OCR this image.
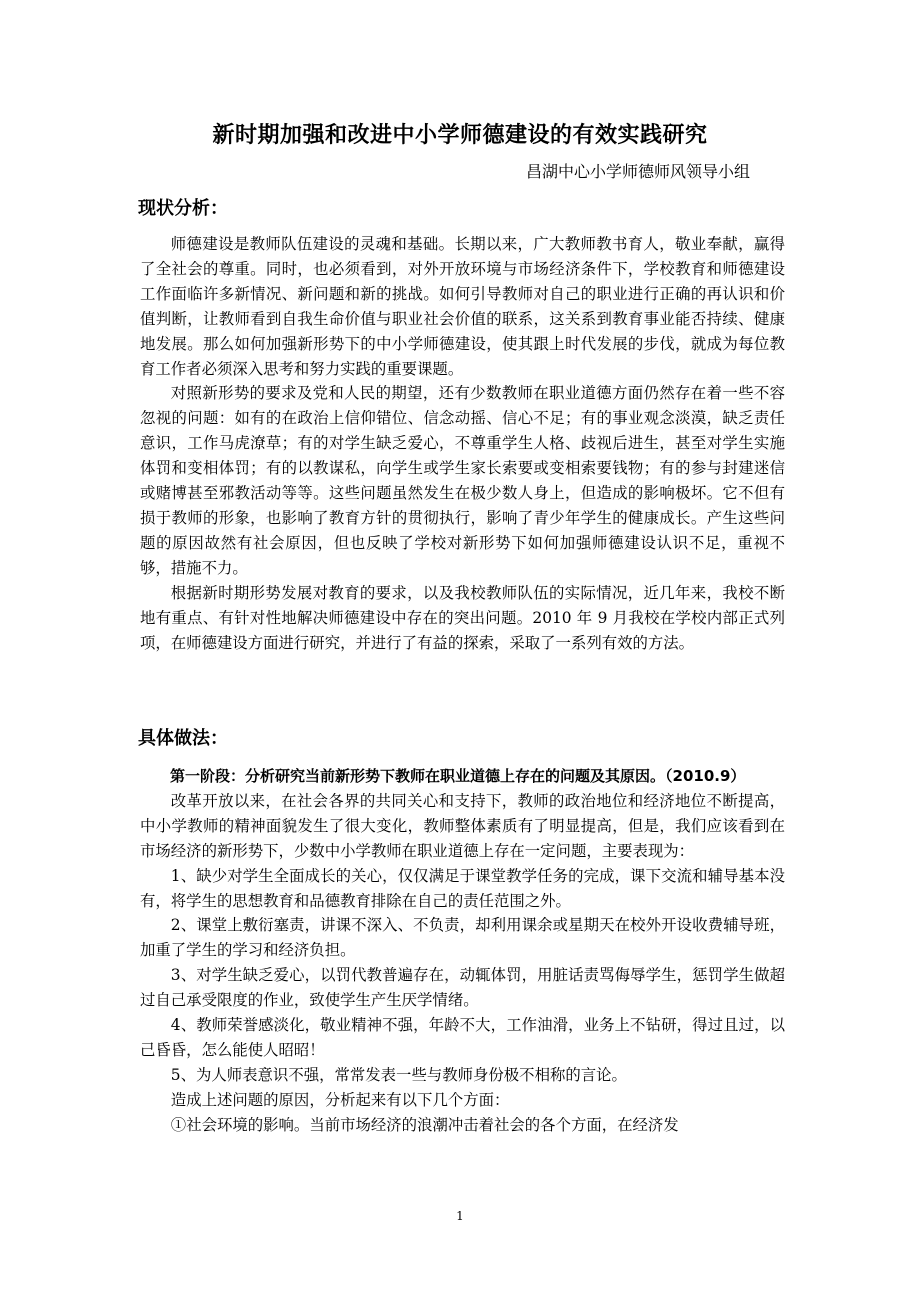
新时期加强和改进中小学师德建设的有效实践研究
昌湖中心小学师德师风领导小组
现状分析：

师德建设是教师队伍建设的灵魂和基础。长期以来，广大教师教书育人，敬业奉献，赢得了全社会的尊重。同时，也必须看到，对外开放环境与市场经济条件下，学校教育和师德建设工作面临许多新情况、新问题和新的挑战。如何引导教师对自己的职业进行正确的再认识和价值判断，让教师看到自我生命价值与职业社会价值的联系，这关系到教育事业能否持续、健康地发展。那么如何加强新形势下的中小学师德建设，使其跟上时代发展的步伐，就成为每位教育工作者必须深入思考和努力实践的重要课题。

对照新形势的要求及党和人民的期望，还有少数教师在职业道德方面仍然存在着一些不容忽视的问题：如有的在政治上信仰错位、信念动摇、信心不足；有的事业观念淡漠，缺乏责任意识，工作马虎潦草；有的对学生缺乏爱心，不尊重学生人格、歧视后进生，甚至对学生实施体罚和变相体罚；有的以教谋私，向学生或学生家长索要或变相索要钱物；有的参与封建迷信或赌博甚至邪教活动等等。这些问题虽然发生在极少数人身上，但造成的影响极坏。它不但有损于教师的形象，也影响了教育方针的贯彻执行，影响了青少年学生的健康成长。产生这些问题的原因故然有社会原因，但也反映了学校对新形势下如何加强师德建设认识不足，重视不够，措施不力。

根据新时期形势发展对教育的要求，以及我校教师队伍的实际情况，近几年来，我校不断地有重点、有针对性地解决师德建设中存在的突出问题。2010 年 9 月我校在学校内部正式列项，在师德建设方面进行研究，并进行了有益的探索，采取了一系列有效的方法。

具体做法：

第一阶段：分析研究当前新形势下教师在职业道德上存在的问题及其原因。（2010.9）

改革开放以来，在社会各界的共同关心和支持下，教师的政治地位和经济地位不断提高，中小学教师的精神面貌发生了很大变化，教师整体素质有了明显提高，但是，我们应该看到在市场经济的新形势下，少数中小学教师在职业道德上存在一定问题，主要表现为：

1、缺少对学生全面成长的关心，仅仅满足于课堂教学任务的完成，课下交流和辅导基本没有，将学生的思想教育和品德教育排除在自己的责任范围之外。

2、课堂上敷衍塞责，讲课不深入、不负责，却利用课余或星期天在校外开设收费辅导班，加重了学生的学习和经济负担。

3、对学生缺乏爱心，以罚代教普遍存在，动辄体罚，用脏话责骂侮辱学生，惩罚学生做超过自己承受限度的作业，致使学生产生厌学情绪。

4、教师荣誉感淡化，敬业精神不强，年龄不大，工作油滑，业务上不钻研，得过且过，以己昏昏，怎么能使人昭昭！

5、为人师表意识不强，常常发表一些与教师身份极不相称的言论。

造成上述问题的原因，分析起来有以下几个方面：

①社会环境的影响。当前市场经济的浪潮冲击着社会的各个方面，在经济发

1
